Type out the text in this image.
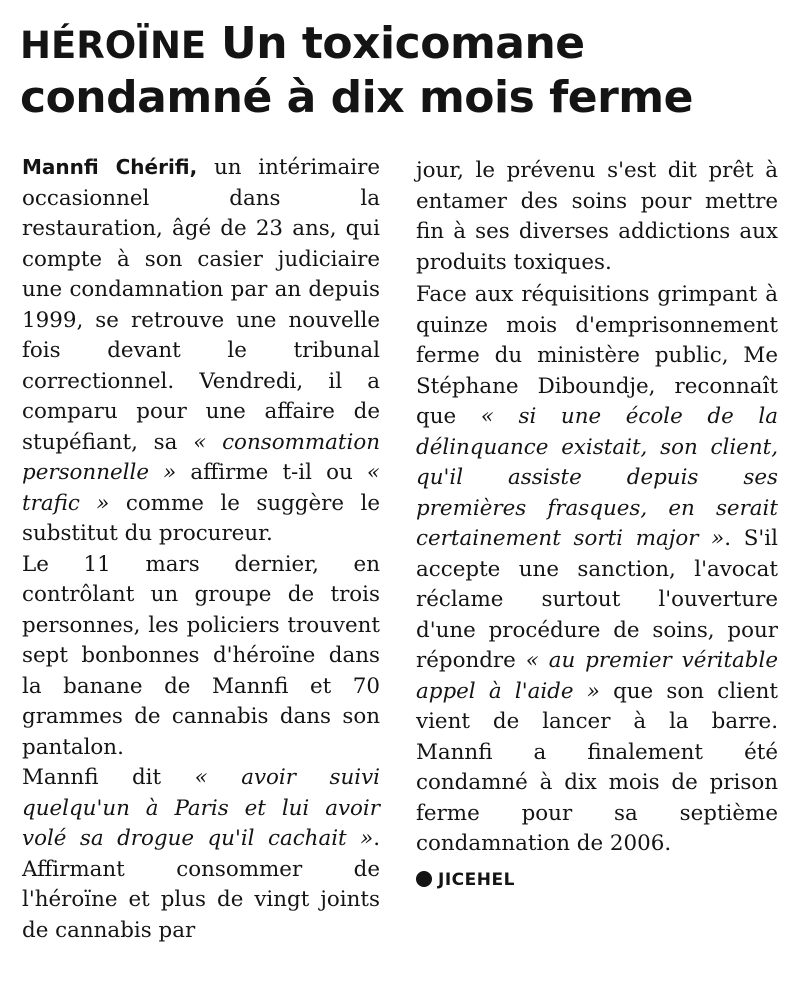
HÉROÏNE Un toxicomane
condamné à dix mois ferme

Mannfi Chérifi, un intérimaire occasionnel dans la restauration, âgé de 23 ans, qui compte à son casier judiciaire une condamnation par an depuis 1999, se retrouve une nouvelle fois devant le tribunal correctionnel. Vendredi, il a comparu pour une affaire de stupéfiant, sa « consommation personnelle » affirme t-il ou « trafic » comme le suggère le substitut du procureur.

Le 11 mars dernier, en contrôlant un groupe de trois personnes, les policiers trouvent sept bonbonnes d'héroïne dans la banane de Mannfi et 70 grammes de cannabis dans son pantalon.

Mannfi dit « avoir suivi quelqu'un à Paris et lui avoir volé sa drogue qu'il cachait ». Affirmant consommer de l'héroïne et plus de vingt joints de cannabis par

jour, le prévenu s'est dit prêt à entamer des soins pour mettre fin à ses diverses addictions aux produits toxiques.

Face aux réquisitions grimpant à quinze mois d'emprisonnement ferme du ministère public, Me Stéphane Diboundje, reconnaît que « si une école de la délinquance existait, son client, qu'il assiste depuis ses premières frasques, en serait certainement sorti major ». S'il accepte une sanction, l'avocat réclame surtout l'ouverture d'une procédure de soins, pour répondre « au premier véritable appel à l'aide » que son client vient de lancer à la barre. Mannfi a finalement été condamné à dix mois de prison ferme pour sa septième condamnation de 2006.

JICEHEL
